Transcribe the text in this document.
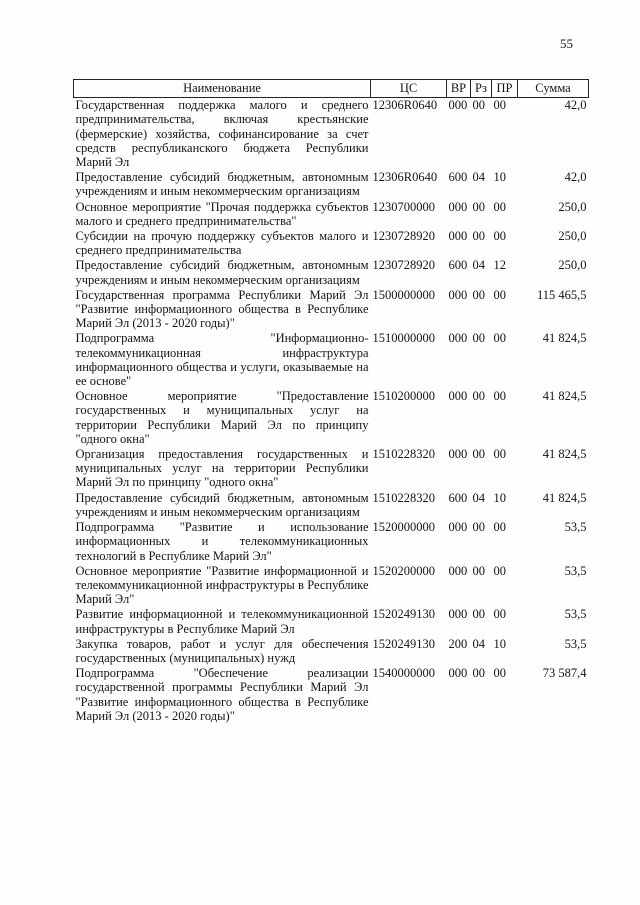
55
Наименование	ЦС	ВР	Рз	ПР	Сумма
Государственная поддержка малого и среднего предпринимательства, включая крестьянские (фермерские) хозяйства, софинансирование за счет средств республиканского бюджета Республики Марий Эл	12306R0640	000	00	00	42,0
Предоставление субсидий бюджетным, автономным учреждениям и иным некоммерческим организациям	12306R0640	600	04	10	42,0
Основное мероприятие "Прочая поддержка субъектов малого и среднего предпринимательства"	1230700000	000	00	00	250,0
Субсидии на прочую поддержку субъектов малого и среднего предпринимательства	1230728920	000	00	00	250,0
Предоставление субсидий бюджетным, автономным учреждениям и иным некоммерческим организациям	1230728920	600	04	12	250,0
Государственная программа Республики Марий Эл "Развитие информационного общества в Республике Марий Эл (2013 - 2020 годы)"	1500000000	000	00	00	115 465,5
Подпрограмма "Информационно-телекоммуникационная инфраструктура информационного общества и услуги, оказываемые на ее основе"	1510000000	000	00	00	41 824,5
Основное мероприятие "Предоставление государственных и муниципальных услуг на территории Республики Марий Эл по принципу "одного окна"	1510200000	000	00	00	41 824,5
Организация предоставления государственных и муниципальных услуг на территории Республики Марий Эл по принципу "одного окна"	1510228320	000	00	00	41 824,5
Предоставление субсидий бюджетным, автономным учреждениям и иным некоммерческим организациям	1510228320	600	04	10	41 824,5
Подпрограмма "Развитие и использование информационных и телекоммуникационных технологий в Республике Марий Эл"	1520000000	000	00	00	53,5
Основное мероприятие "Развитие информационной и телекоммуникационной инфраструктуры в Республике Марий Эл"	1520200000	000	00	00	53,5
Развитие информационной и телекоммуникационной инфраструктуры в Республике Марий Эл	1520249130	000	00	00	53,5
Закупка товаров, работ и услуг для обеспечения государственных (муниципальных) нужд	1520249130	200	04	10	53,5
Подпрограмма "Обеспечение реализации государственной программы Республики Марий Эл "Развитие информационного общества в Республике Марий Эл (2013 - 2020 годы)"	1540000000	000	00	00	73 587,4
